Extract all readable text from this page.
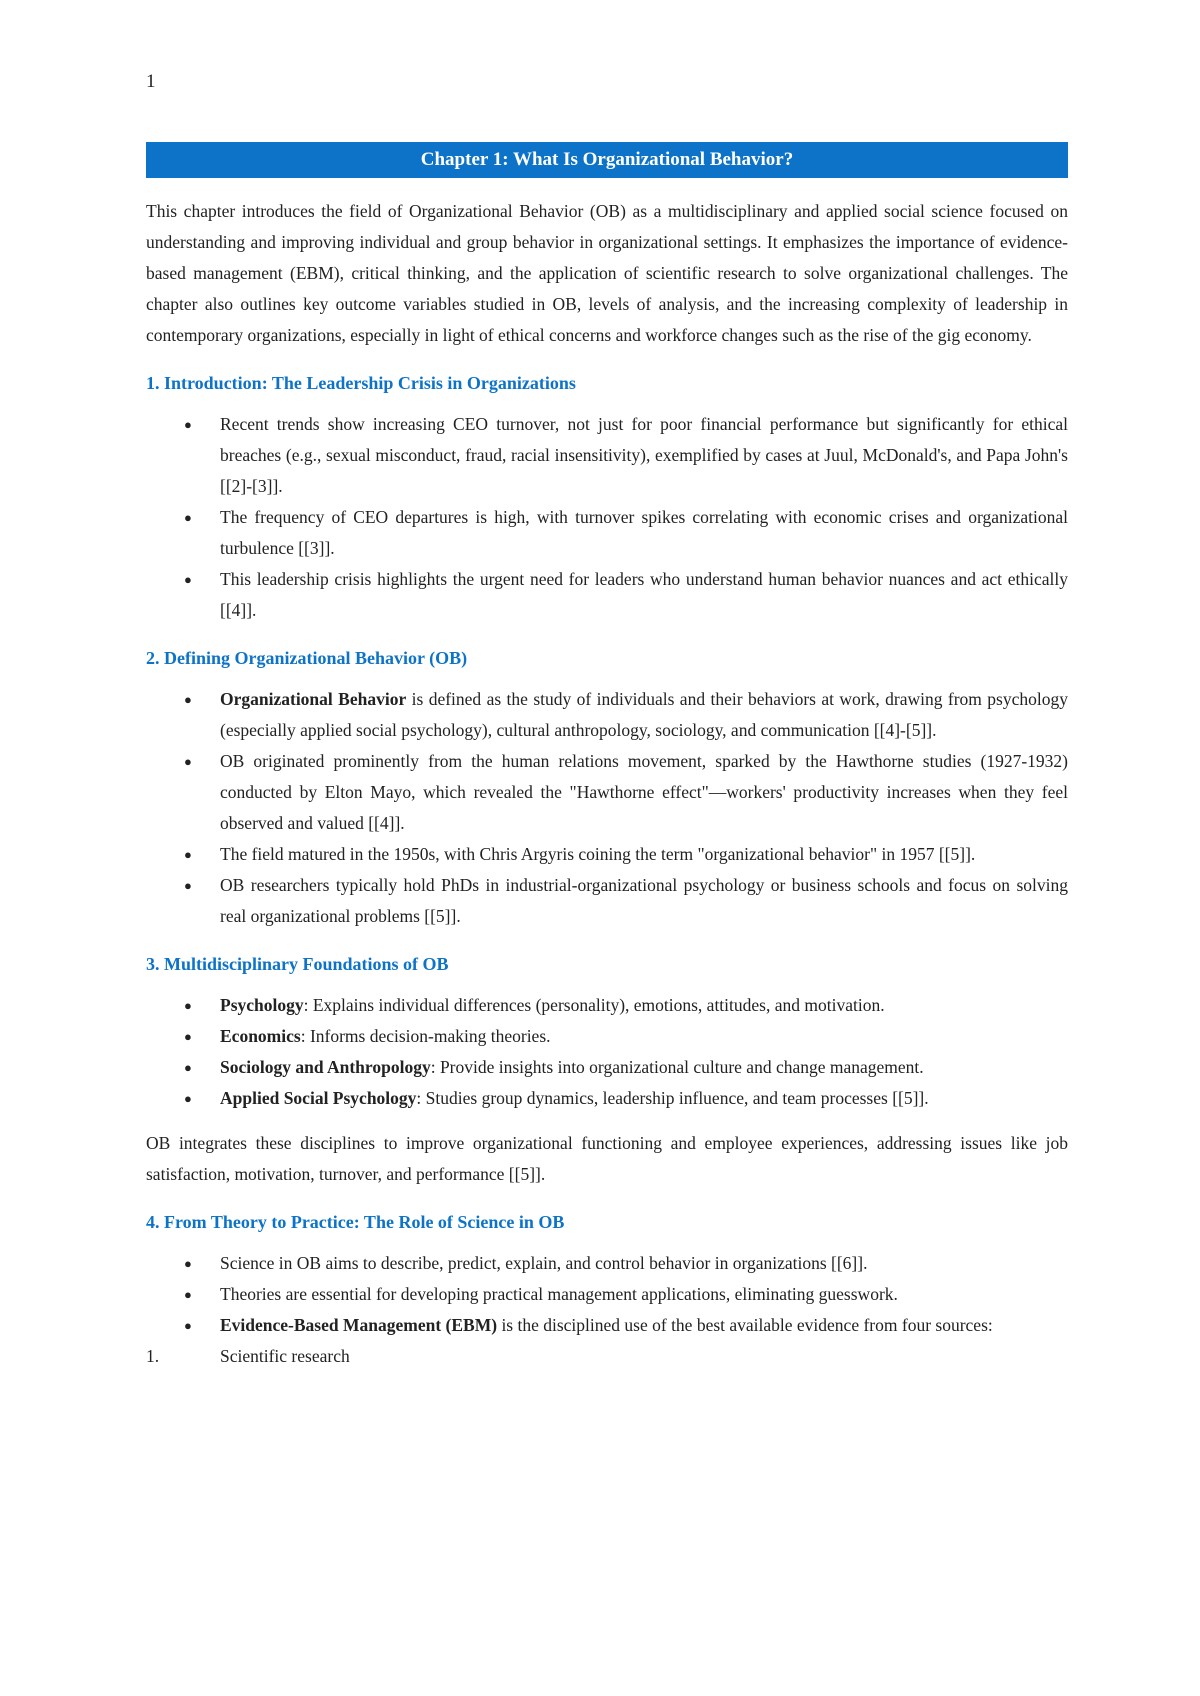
1
Chapter 1: What Is Organizational Behavior?

This chapter introduces the field of Organizational Behavior (OB) as a multidisciplinary and applied social science focused on understanding and improving individual and group behavior in organizational settings. It emphasizes the importance of evidence-based management (EBM), critical thinking, and the application of scientific research to solve organizational challenges. The chapter also outlines key outcome variables studied in OB, levels of analysis, and the increasing complexity of leadership in contemporary organizations, especially in light of ethical concerns and workforce changes such as the rise of the gig economy.

1. Introduction: The Leadership Crisis in Organizations
● Recent trends show increasing CEO turnover, not just for poor financial performance but significantly for ethical breaches (e.g., sexual misconduct, fraud, racial insensitivity), exemplified by cases at Juul, McDonald's, and Papa John's [[2]-[3]].
● The frequency of CEO departures is high, with turnover spikes correlating with economic crises and organizational turbulence [[3]].
● This leadership crisis highlights the urgent need for leaders who understand human behavior nuances and act ethically [[4]].
2. Defining Organizational Behavior (OB)
● Organizational Behavior is defined as the study of individuals and their behaviors at work, drawing from psychology (especially applied social psychology), cultural anthropology, sociology, and communication [[4]-[5]].
● OB originated prominently from the human relations movement, sparked by the Hawthorne studies (1927-1932) conducted by Elton Mayo, which revealed the "Hawthorne effect"—workers' productivity increases when they feel observed and valued [[4]].
● The field matured in the 1950s, with Chris Argyris coining the term "organizational behavior" in 1957 [[5]].
● OB researchers typically hold PhDs in industrial-organizational psychology or business schools and focus on solving real organizational problems [[5]].
3. Multidisciplinary Foundations of OB
● Psychology: Explains individual differences (personality), emotions, attitudes, and motivation.
● Economics: Informs decision-making theories.
● Sociology and Anthropology: Provide insights into organizational culture and change management.
● Applied Social Psychology: Studies group dynamics, leadership influence, and team processes [[5]].

OB integrates these disciplines to improve organizational functioning and employee experiences, addressing issues like job satisfaction, motivation, turnover, and performance [[5]].

4. From Theory to Practice: The Role of Science in OB
● Science in OB aims to describe, predict, explain, and control behavior in organizations [[6]].
● Theories are essential for developing practical management applications, eliminating guesswork.
● Evidence-Based Management (EBM) is the disciplined use of the best available evidence from four sources:
1.	Scientific research
